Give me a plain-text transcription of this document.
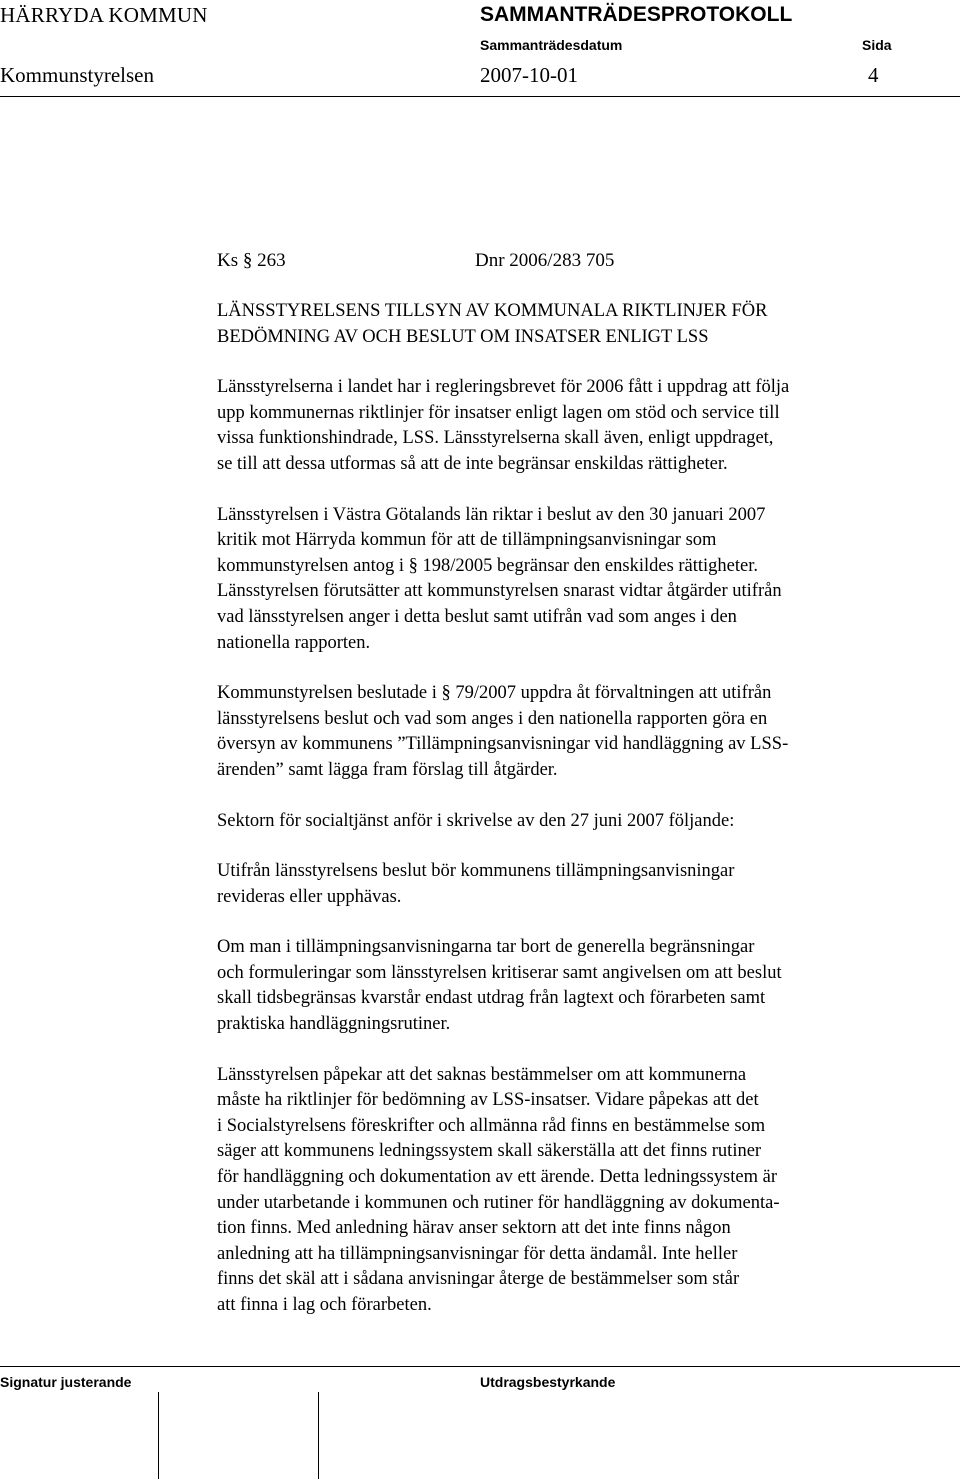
HÄRRYDA KOMMUN	SAMMANTRÄDESPROTOKOLL
Sammanträdesdatum	Sida
Kommunstyrelsen	2007-10-01	4
Ks § 263	Dnr 2006/283 705
LÄNSSTYRELSENS TILLSYN AV KOMMUNALA RIKTLINJER FÖR
BEDÖMNING AV OCH BESLUT OM INSATSER ENLIGT LSS
Länsstyrelserna i landet har i regleringsbrevet för 2006 fått i uppdrag att följa
upp kommunernas riktlinjer för insatser enligt lagen om stöd och service till
vissa funktionshindrade, LSS. Länsstyrelserna skall även, enligt uppdraget,
se till att dessa utformas så att de inte begränsar enskildas rättigheter.
Länsstyrelsen i Västra Götalands län riktar i beslut av den 30 januari 2007
kritik mot Härryda kommun för att de tillämpningsanvisningar som
kommunstyrelsen antog i § 198/2005 begränsar den enskildes rättigheter.
Länsstyrelsen förutsätter att kommunstyrelsen snarast vidtar åtgärder utifrån
vad länsstyrelsen anger i detta beslut samt utifrån vad som anges i den
nationella rapporten.
Kommunstyrelsen beslutade i § 79/2007 uppdra åt förvaltningen att utifrån
länsstyrelsens beslut och vad som anges i den nationella rapporten göra en
översyn av kommunens ”Tillämpningsanvisningar vid handläggning av LSS-
ärenden” samt lägga fram förslag till åtgärder.
Sektorn för socialtjänst anför i skrivelse av den 27 juni 2007 följande:
Utifrån länsstyrelsens beslut bör kommunens tillämpningsanvisningar
revideras eller upphävas.
Om man i tillämpningsanvisningarna tar bort de generella begränsningar
och formuleringar som länsstyrelsen kritiserar samt angivelsen om att beslut
skall tidsbegränsas kvarstår endast utdrag från lagtext och förarbeten samt
praktiska handläggningsrutiner.
Länsstyrelsen påpekar att det saknas bestämmelser om att kommunerna
måste ha riktlinjer för bedömning av LSS-insatser. Vidare påpekas att det
i Socialstyrelsens föreskrifter och allmänna råd finns en bestämmelse som
säger att kommunens ledningssystem skall säkerställa att det finns rutiner
för handläggning och dokumentation av ett ärende. Detta ledningssystem är
under utarbetande i kommunen och rutiner för handläggning av dokumenta-
tion finns. Med anledning härav anser sektorn att det inte finns någon
anledning att ha tillämpningsanvisningar för detta ändamål. Inte heller
finns det skäl att i sådana anvisningar återge de bestämmelser som står
att finna i lag och förarbeten.
Signatur justerande	Utdragsbestyrkande
